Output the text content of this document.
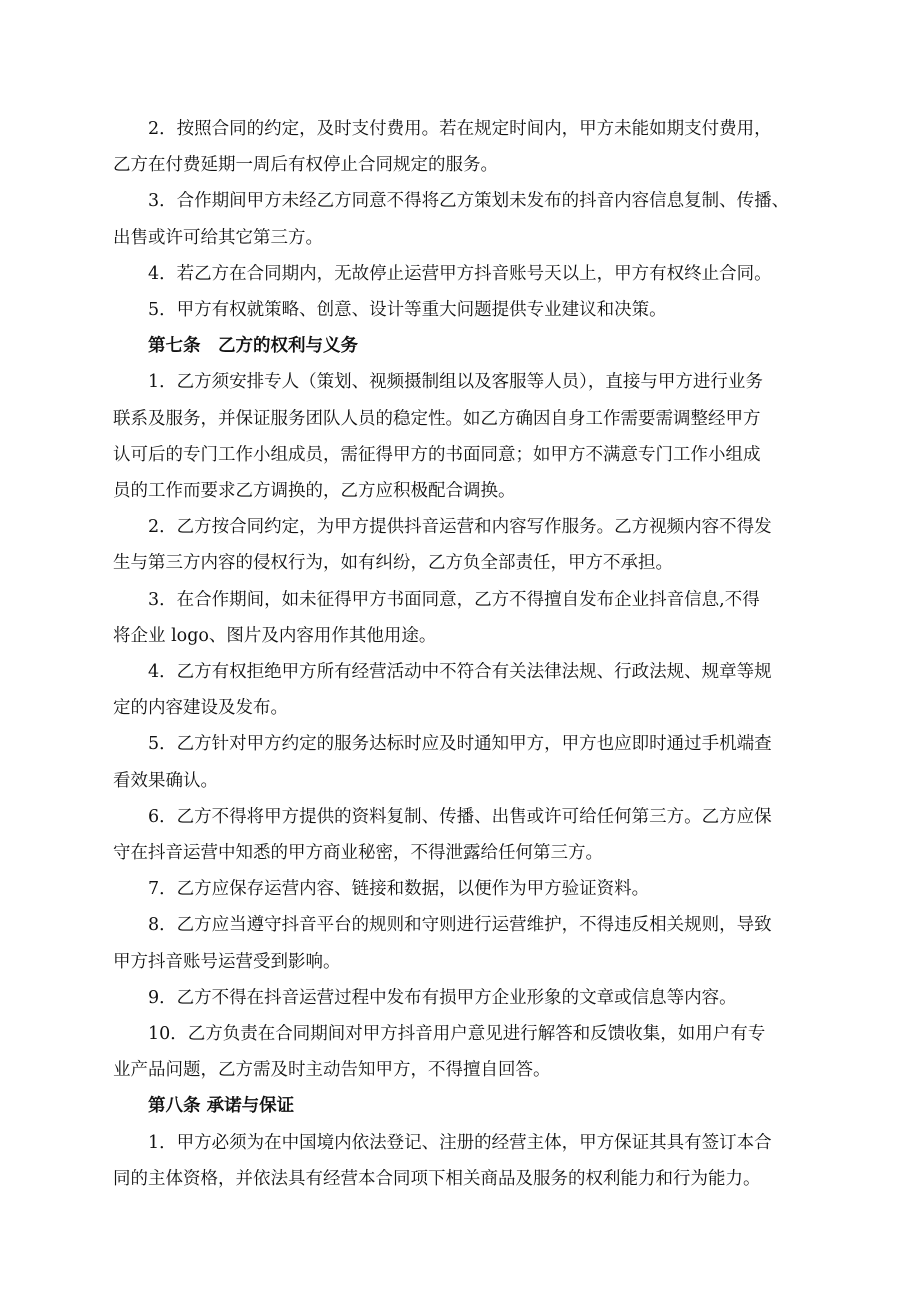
2．按照合同的约定，及时支付费用。若在规定时间内，甲方未能如期支付费用，
乙方在付费延期一周后有权停止合同规定的服务。
3．合作期间甲方未经乙方同意不得将乙方策划未发布的抖音内容信息复制、传播、
出售或许可给其它第三方。
4．若乙方在合同期内，无故停止运营甲方抖音账号天以上，甲方有权终止合同。
5．甲方有权就策略、创意、设计等重大问题提供专业建议和决策。
第七条　乙方的权利与义务
1．乙方须安排专人（策划、视频摄制组以及客服等人员），直接与甲方进行业务
联系及服务，并保证服务团队人员的稳定性。如乙方确因自身工作需要需调整经甲方
认可后的专门工作小组成员，需征得甲方的书面同意；如甲方不满意专门工作小组成
员的工作而要求乙方调换的，乙方应积极配合调换。
2．乙方按合同约定，为甲方提供抖音运营和内容写作服务。乙方视频内容不得发
生与第三方内容的侵权行为，如有纠纷，乙方负全部责任，甲方不承担。
3．在合作期间，如未征得甲方书面同意，乙方不得擅自发布企业抖音信息,不得
将企业 logo、图片及内容用作其他用途。
4．乙方有权拒绝甲方所有经营活动中不符合有关法律法规、行政法规、规章等规
定的内容建设及发布。
5．乙方针对甲方约定的服务达标时应及时通知甲方，甲方也应即时通过手机端查
看效果确认。
6．乙方不得将甲方提供的资料复制、传播、出售或许可给任何第三方。乙方应保
守在抖音运营中知悉的甲方商业秘密，不得泄露给任何第三方。
7．乙方应保存运营内容、链接和数据，以便作为甲方验证资料。
8．乙方应当遵守抖音平台的规则和守则进行运营维护，不得违反相关规则，导致
甲方抖音账号运营受到影响。
9．乙方不得在抖音运营过程中发布有损甲方企业形象的文章或信息等内容。
10．乙方负责在合同期间对甲方抖音用户意见进行解答和反馈收集，如用户有专
业产品问题，乙方需及时主动告知甲方，不得擅自回答。
第八条 承诺与保证
1．甲方必须为在中国境内依法登记、注册的经营主体，甲方保证其具有签订本合
同的主体资格，并依法具有经营本合同项下相关商品及服务的权利能力和行为能力。
